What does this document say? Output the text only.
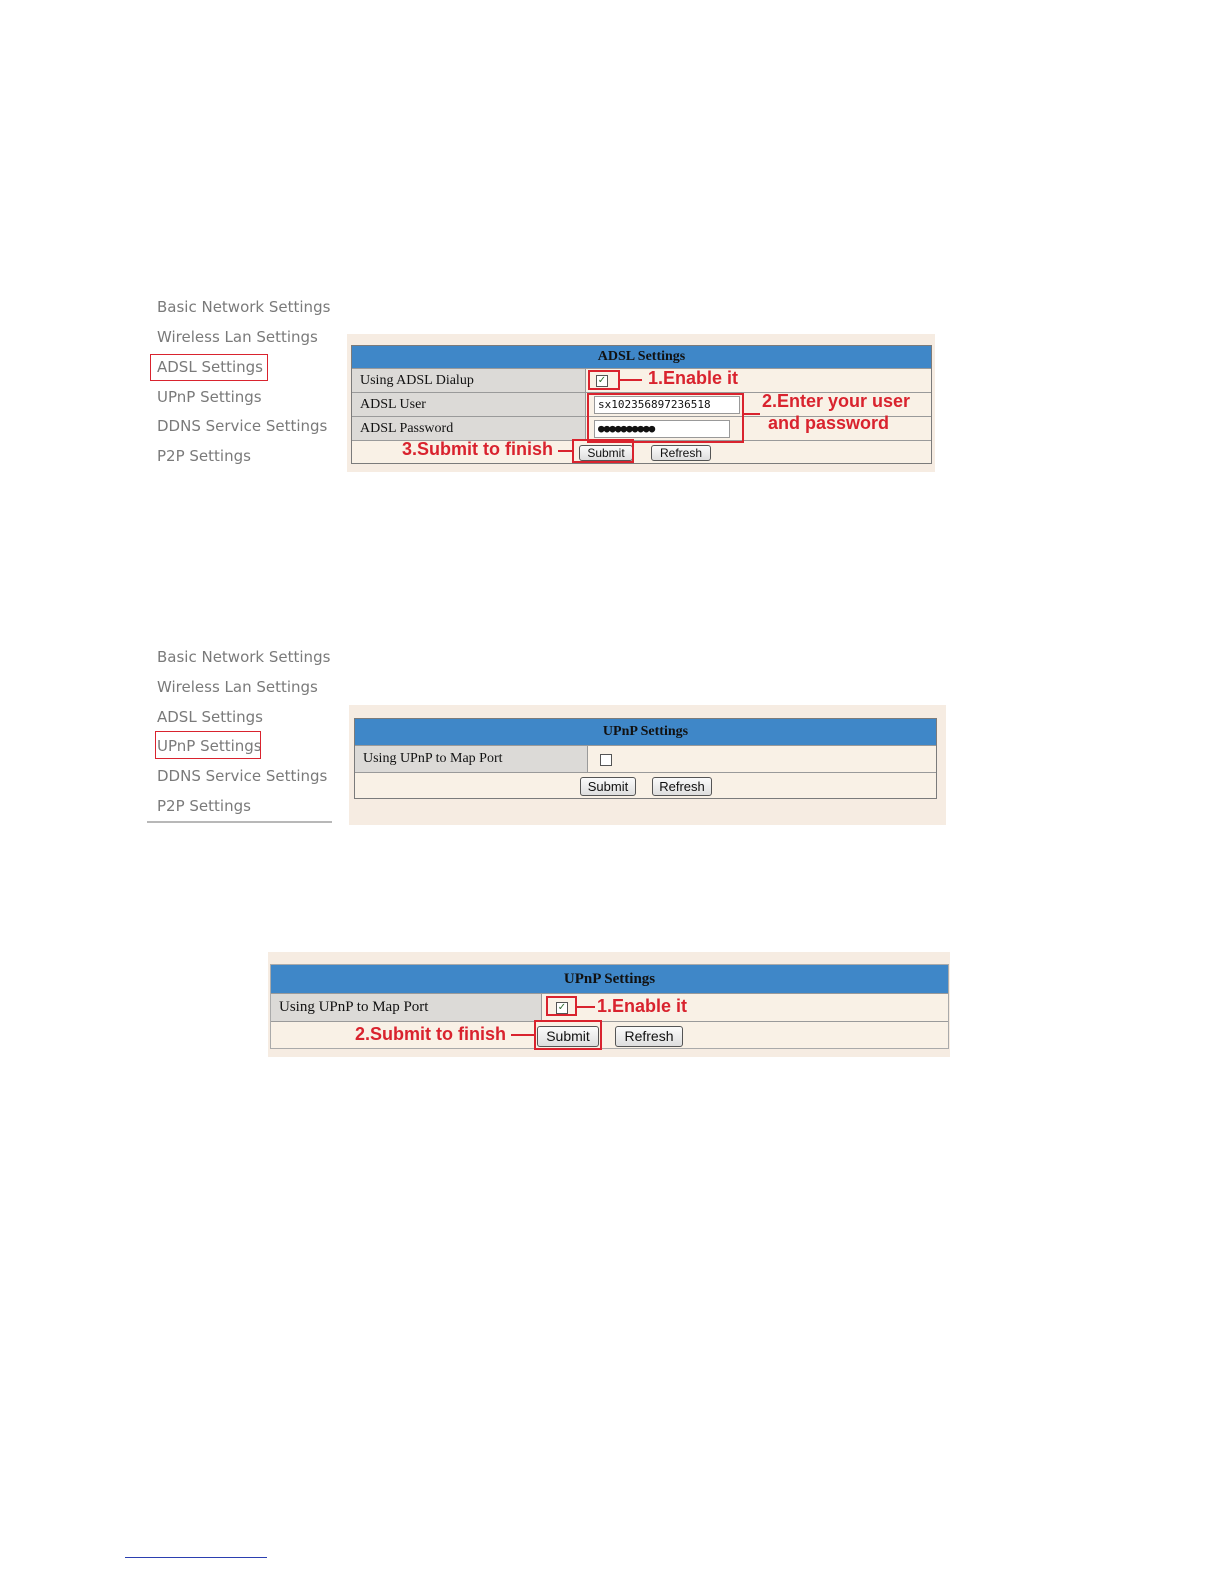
Basic Network Settings
Wireless Lan Settings
ADSL Settings
UPnP Settings
DDNS Service Settings
P2P Settings
ADSL Settings
Using ADSL Dialup	✓
ADSL User	sx102356897236518
ADSL Password	●●●●●●●●●●
Submit	Refresh
1.Enable it
2.Enter your user
and password
3.Submit to finish
Basic Network Settings
Wireless Lan Settings
ADSL Settings
UPnP Settings
DDNS Service Settings
P2P Settings
UPnP Settings
Using UPnP to Map Port
Submit	Refresh
UPnP Settings
Using UPnP to Map Port	✓
Submit	Refresh
1.Enable it
2.Submit to finish
